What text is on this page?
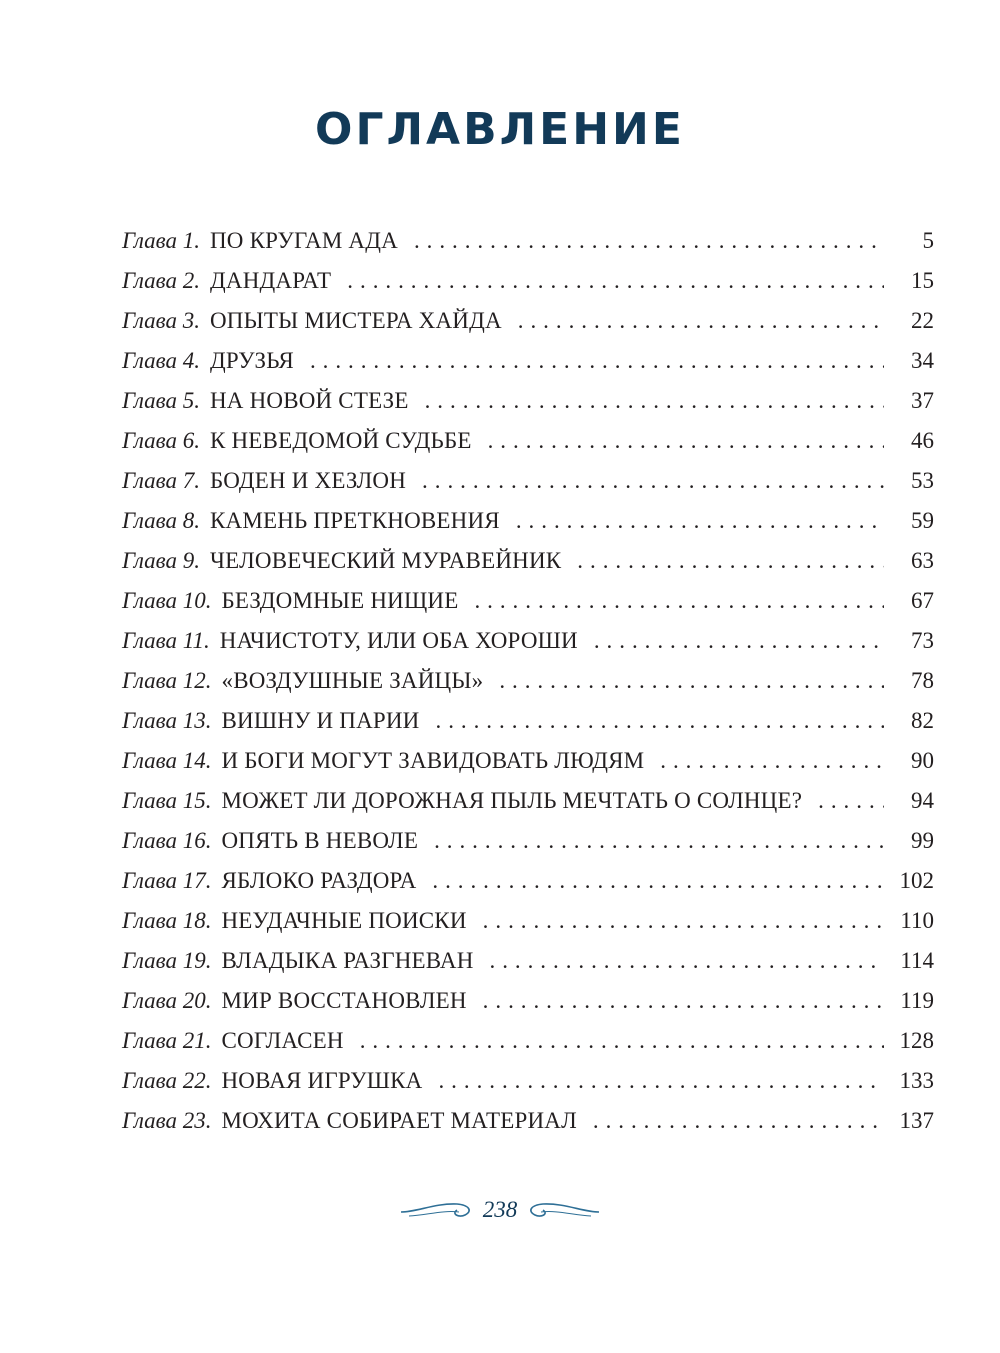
ОГЛАВЛЕНИЕ
Глава 1. ПО КРУГАМ АДА . . .	5
Глава 2. ДАНДАРАТ . . .	15
Глава 3. ОПЫТЫ МИСТЕРА ХАЙДА . . .	22
Глава 4. ДРУЗЬЯ . . .	34
Глава 5. НА НОВОЙ СТЕЗЕ . . .	37
Глава 6. К НЕВЕДОМОЙ СУДЬБЕ . . .	46
Глава 7. БОДЕН И ХЕЗЛОН . . .	53
Глава 8. КАМЕНЬ ПРЕТКНОВЕНИЯ . . .	59
Глава 9. ЧЕЛОВЕЧЕСКИЙ МУРАВЕЙНИК . . .	63
Глава 10. БЕЗДОМНЫЕ НИЩИЕ . . .	67
Глава 11. НАЧИСТОТУ, ИЛИ ОБА ХОРОШИ . . .	73
Глава 12. «ВОЗДУШНЫЕ ЗАЙЦЫ» . . .	78
Глава 13. ВИШНУ И ПАРИИ . . .	82
Глава 14. И БОГИ МОГУТ ЗАВИДОВАТЬ ЛЮДЯМ . . .	90
Глава 15. МОЖЕТ ЛИ ДОРОЖНАЯ ПЫЛЬ МЕЧТАТЬ О СОЛНЦЕ? . . .	94
Глава 16. ОПЯТЬ В НЕВОЛЕ . . .	99
Глава 17. ЯБЛОКО РАЗДОРА . . .	102
Глава 18. НЕУДАЧНЫЕ ПОИСКИ . . .	110
Глава 19. ВЛАДЫКА РАЗГНЕВАН . . .	114
Глава 20. МИР ВОССТАНОВЛЕН . . .	119
Глава 21. СОГЛАСЕН . . .	128
Глава 22. НОВАЯ ИГРУШКА . . .	133
Глава 23. МОХИТА СОБИРАЕТ МАТЕРИАЛ . . .	137
238
